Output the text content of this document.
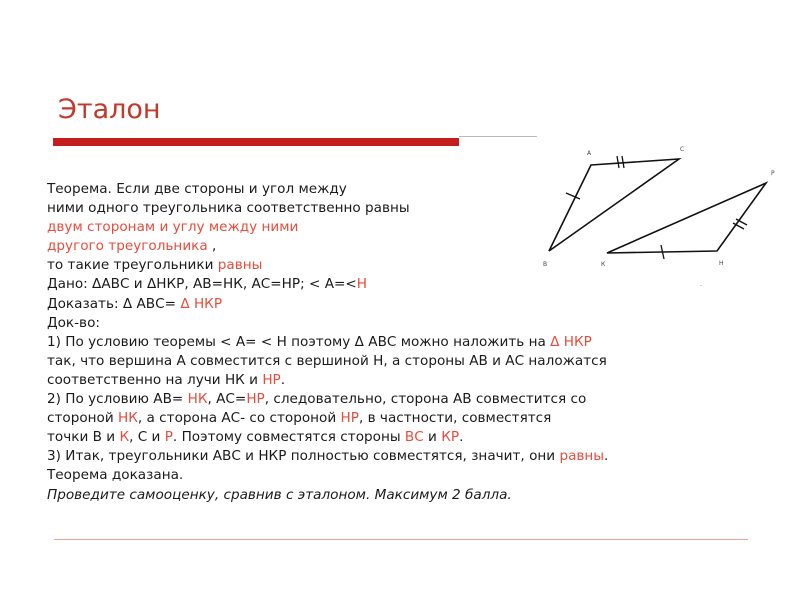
Эталон
А
С
В
Р
К	Н
.
Теорема. Если две стороны и угол между
ними одного треугольника соответственно равны
двум сторонам и углу между ними
другого треугольника ,
то такие треугольники равны
Дано: ΔАВС и ΔНКР, АВ=НК, АС=НР; < А=<Н
Доказать: Δ АВС= Δ НКР
Док-во:
1) По условию теоремы < А= < Н поэтому Δ АВС можно наложить на Δ НКР
так, что вершина А совместится с вершиной Н, а стороны АВ и АС наложатся
соответственно на лучи НК и НР.
2) По условию АВ= НК, АС=НР, следовательно, сторона АВ совместится со
стороной НК, а сторона АС- со стороной НР, в частности, совместятся
точки В и К, С и Р. Поэтому совместятся стороны ВС и КР.
3) Итак, треугольники АВС и НКР полностью совместятся, значит, они равны.
Теорема доказана.
Проведите самооценку, сравнив с эталоном. Максимум 2 балла.
